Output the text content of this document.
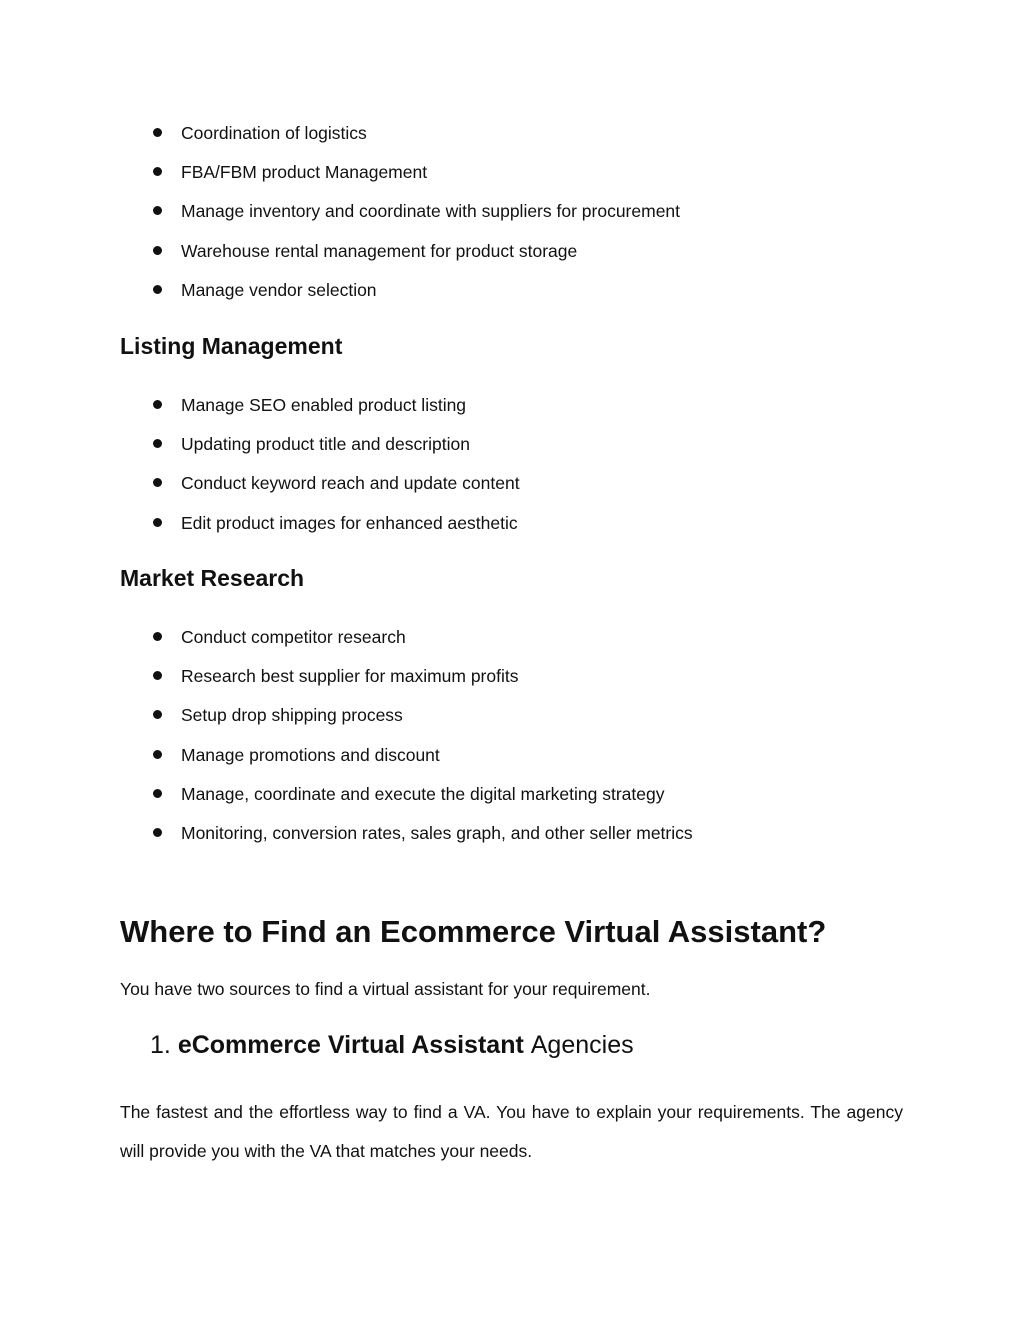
Coordination of logistics
FBA/FBM product Management
Manage inventory and coordinate with suppliers for procurement
Warehouse rental management for product storage
Manage vendor selection
Listing Management
Manage SEO enabled product listing
Updating product title and description
Conduct keyword reach and update content
Edit product images for enhanced aesthetic
Market Research
Conduct competitor research
Research best supplier for maximum profits
Setup drop shipping process
Manage promotions and discount
Manage, coordinate and execute the digital marketing strategy
Monitoring, conversion rates, sales graph, and other seller metrics
Where to Find an Ecommerce Virtual Assistant?

You have two sources to find a virtual assistant for your requirement.

1. eCommerce Virtual Assistant Agencies

The fastest and the effortless way to find a VA. You have to explain your requirements. The agency will provide you with the VA that matches your needs.
